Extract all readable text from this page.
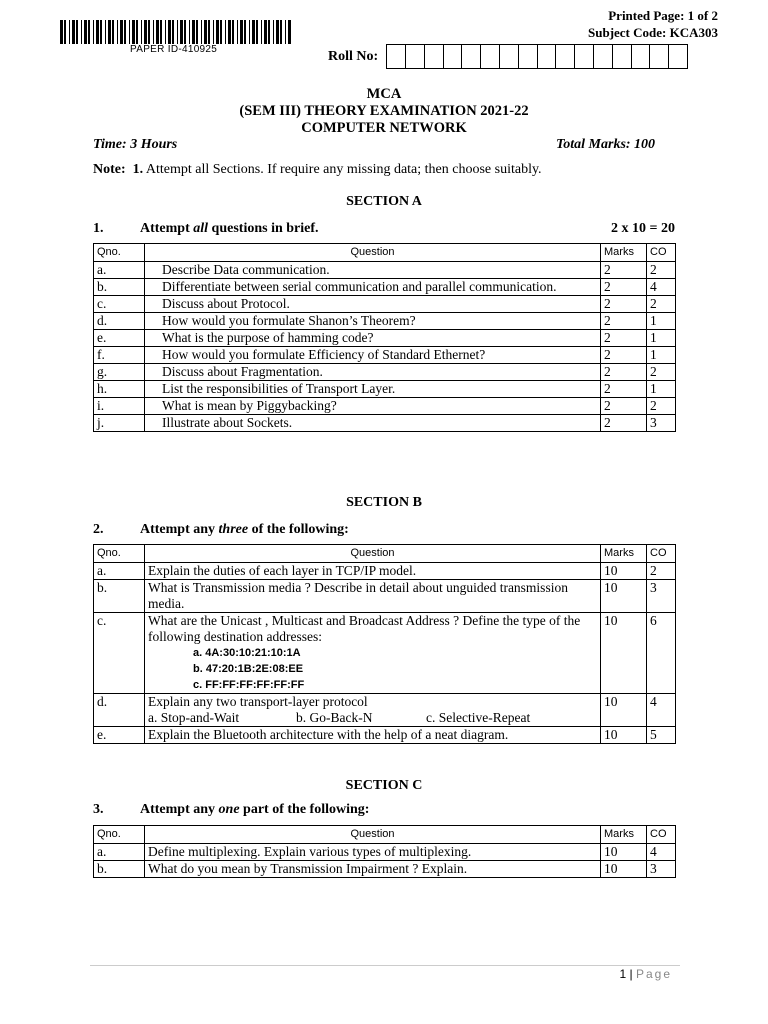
PAPER ID-410925
Printed Page: 1 of 2
Subject Code: KCA303
Roll No:
MCA
(SEM III) THEORY EXAMINATION 2021-22
COMPUTER NETWORK
Time: 3 Hours	Total Marks: 100
Note: 1. Attempt all Sections. If require any missing data; then choose suitably.
SECTION A
1.	Attempt all questions in brief.	2 x 10 = 20
Qno.	Question	Marks	CO
a.	Describe Data communication.	2	2
b.	Differentiate between serial communication and parallel communication.	2	4
c.	Discuss about Protocol.	2	2
d.	How would you formulate Shanon’s Theorem?	2	1
e.	What is the purpose of hamming code?	2	1
f.	How would you formulate Efficiency of Standard Ethernet?	2	1
g.	Discuss about Fragmentation.	2	2
h.	List the responsibilities of Transport Layer.	2	1
i.	What is mean by Piggybacking?	2	2
j.	Illustrate about Sockets.	2	3
SECTION B
2.	Attempt any three of the following:
Qno.	Question	Marks	CO
a.	Explain the duties of each layer in TCP/IP model.	10	2
b.	What is Transmission media ? Describe in detail about unguided transmission media.	10	3
c.	What are the Unicast , Multicast and Broadcast Address ? Define the type of the following destination addresses:
a. 4A:30:10:21:10:1A
b. 47:20:1B:2E:08:EE
c. FF:FF:FF:FF:FF:FF	10	6
d.	Explain any two transport-layer protocol
a. Stop-and-Wait b. Go-Back-N c. Selective-Repeat	10	4
e.	Explain the Bluetooth architecture with the help of a neat diagram.	10	5
SECTION C
3.	Attempt any one part of the following:
Qno.	Question	Marks	CO
a.	Define multiplexing. Explain various types of multiplexing.	10	4
b.	What do you mean by Transmission Impairment ? Explain.	10	3
1 | Page
